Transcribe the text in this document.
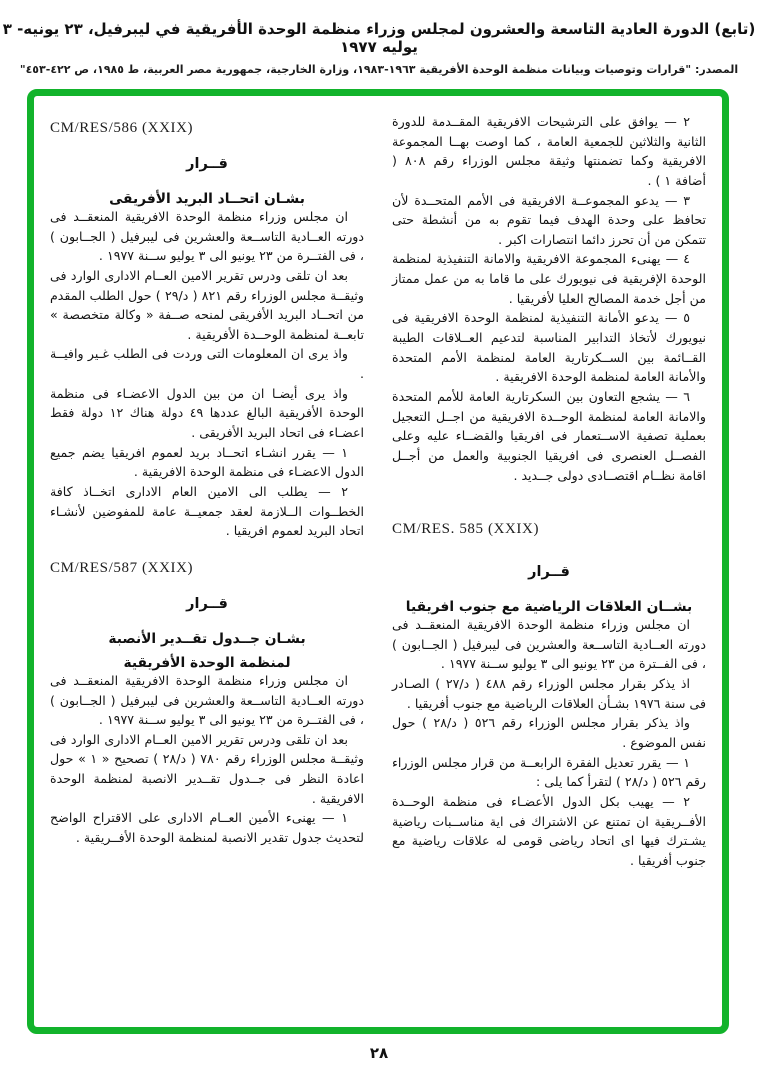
(تابع) الدورة العادية التاسعة والعشرون لمجلس وزراء منظمة الوحدة الأفريقية في ليبرفيل، ٢٣ يونيه- ٣ يوليه ١٩٧٧
المصدر: "قرارات وتوصيات وبيانات منظمة الوحدة الأفريقية ١٩٦٣-١٩٨٣، وزارة الخارجية، جمهورية مصر العربية، ط ١٩٨٥، ص ٤٢٢-٤٥٣"
CM/RES/586 (XXIX)
قــرار
بشـان اتحــاد البريد الأفريقى

ان مجلس وزراء منظمة الوحدة الافريقية المنعقــد فى دورته العــادية التاســعة والعشرين فى ليبرفيل ( الجــابون ) ، فى الفتــرة من ٢٣ يونيو الى ٣ يوليو ســنة ١٩٧٧ .

بعد ان تلقى ودرس تقرير الامين العــام الادارى الوارد فى وثيقــة مجلس الوزراء رقم ٨٢١ ( د/٢٩ ) حول الطلب المقدم من اتحــاد البريد الأفريقى لمنحه صــفة « وكالة متخصصة » تابعــة لمنظمة الوحــدة الأفريقية .

واذ يرى ان المعلومات التى وردت فى الطلب غـير وافيــة .

واذ يرى أيضـا ان من بين الدول الاعضـاء فى منظمة الوحدة الأفريقية البالغ عددها ٤٩ دولة هناك ١٢ دولة فقط اعضـاء فى اتحاد البريد الأفريقى .

١ — يقرر انشـاء اتحــاد بريد لعموم افريقيا يضم جميع الدول الاعضـاء فى منظمة الوحدة الافريقية .

٢ — يطلب الى الامين العام الادارى اتخــاذ كافة الخطــوات الــلازمة لعقد جمعيــة عامة للمفوضين لأنشـاء اتحاد البريد لعموم افريقيا .

CM/RES/587 (XXIX)
قــرار
بشـان جــدول تقــدير الأنصبة
لمنظمة الوحدة الأفريقية

ان مجلس وزراء منظمة الوحدة الافريقية المنعقــد فى دورته العــادية التاســعة والعشرين فى ليبرفيل ( الجــابون ) ، فى الفتــرة من ٢٣ يونيو الى ٣ يوليو ســنة ١٩٧٧ .

بعد ان تلقى ودرس تقرير الامين العــام الادارى الوارد فى وثيقــة مجلس الوزراء رقم ٧٨٠ ( د/٢٨ ) تصحيح « ١ » حول اعادة النظر فى جــدول تقــدير الانصبة لمنظمة الوحدة الافريقية .

١ — يهنىء الأمين العــام الادارى على الاقتراح الواضح لتحديث جدول تقدير الانصبة لمنظمة الوحدة الأفــريقية .

٢ — يوافق على الترشيحات الافريقية المقــدمة للدورة الثانية والثلاثين للجمعية العامة ، كما اوصت بهــا المجموعة الافريقية وكما تضمنتها وثيقة مجلس الوزراء رقم ٨٠٨ ( أضافة ١ ) .

٣ — يدعو المجموعــة الافريقية فى الأمم المتحــدة لأن تحافظ على وحدة الهدف فيما تقوم به من أنشطة حتى تتمكن من أن تحرز دائما انتصارات اكبر .

٤ — يهنىء المجموعة الافريقية والامانة التنفيذية لمنظمة الوحدة الإفريقية فى نيويورك على ما قاما به من عمل ممتاز من أجل خدمة المصالح العليا لأفريقيا .

٥ — يدعو الأمانة التنفيذية لمنظمة الوحدة الافريقية فى نيويورك لأتخاذ التدابير المناسبة لتدعيم العــلاقات الطيبة القــائمة بين الســكرتارية العامة لمنظمة الأمم المتحدة والأمانة العامة لمنظمة الوحدة الافريقية .

٦ — يشجع التعاون بين السكرتارية العامة للأمم المتحدة والامانة العامة لمنظمة الوحــدة الافريقية من اجــل التعجيل بعملية تصفية الاســتعمار فى افريقيا والقضــاء عليه وعلى الفصــل العنصرى فى افريقيا الجنوبية والعمل من أجــل اقامة نظــام اقتصــادى دولى جــديد .

CM/RES. 585 (XXIX)
قــرار
بشــان العلاقات الرياضية مع جنوب افريقيا

ان مجلس وزراء منظمة الوحدة الافريقية المنعقــد فى دورته العــادية التاســعة والعشرين فى ليبرفيل ( الجــابون ) ، فى الفــترة من ٢٣ يونيو الى ٣ يوليو ســنة ١٩٧٧ .

اذ يذكر بقرار مجلس الوزراء رقم ٤٨٨ ( د/٢٧ ) الصـادر فى سنة ١٩٧٦ بشـأن العلاقات الرياضية مع جنوب أفريقيا .

واذ يذكر بقرار مجلس الوزراء رقم ٥٢٦ ( د/٢٨ ) حول نفس الموضوع .

١ — يقرر تعديل الفقرة الرابعــة من قرار مجلس الوزراء رقم ٥٢٦ ( د/٢٨ ) لتقرأ كما يلى :

٢ — يهيب بكل الدول الأعضـاء فى منظمة الوحــدة الأفــريقية ان تمتنع عن الاشتراك فى اية مناســبات رياضية يشـترك فيها اى اتحاد رياضى قومى له علاقات رياضية مع جنوب أفريقيا .

٢٨
